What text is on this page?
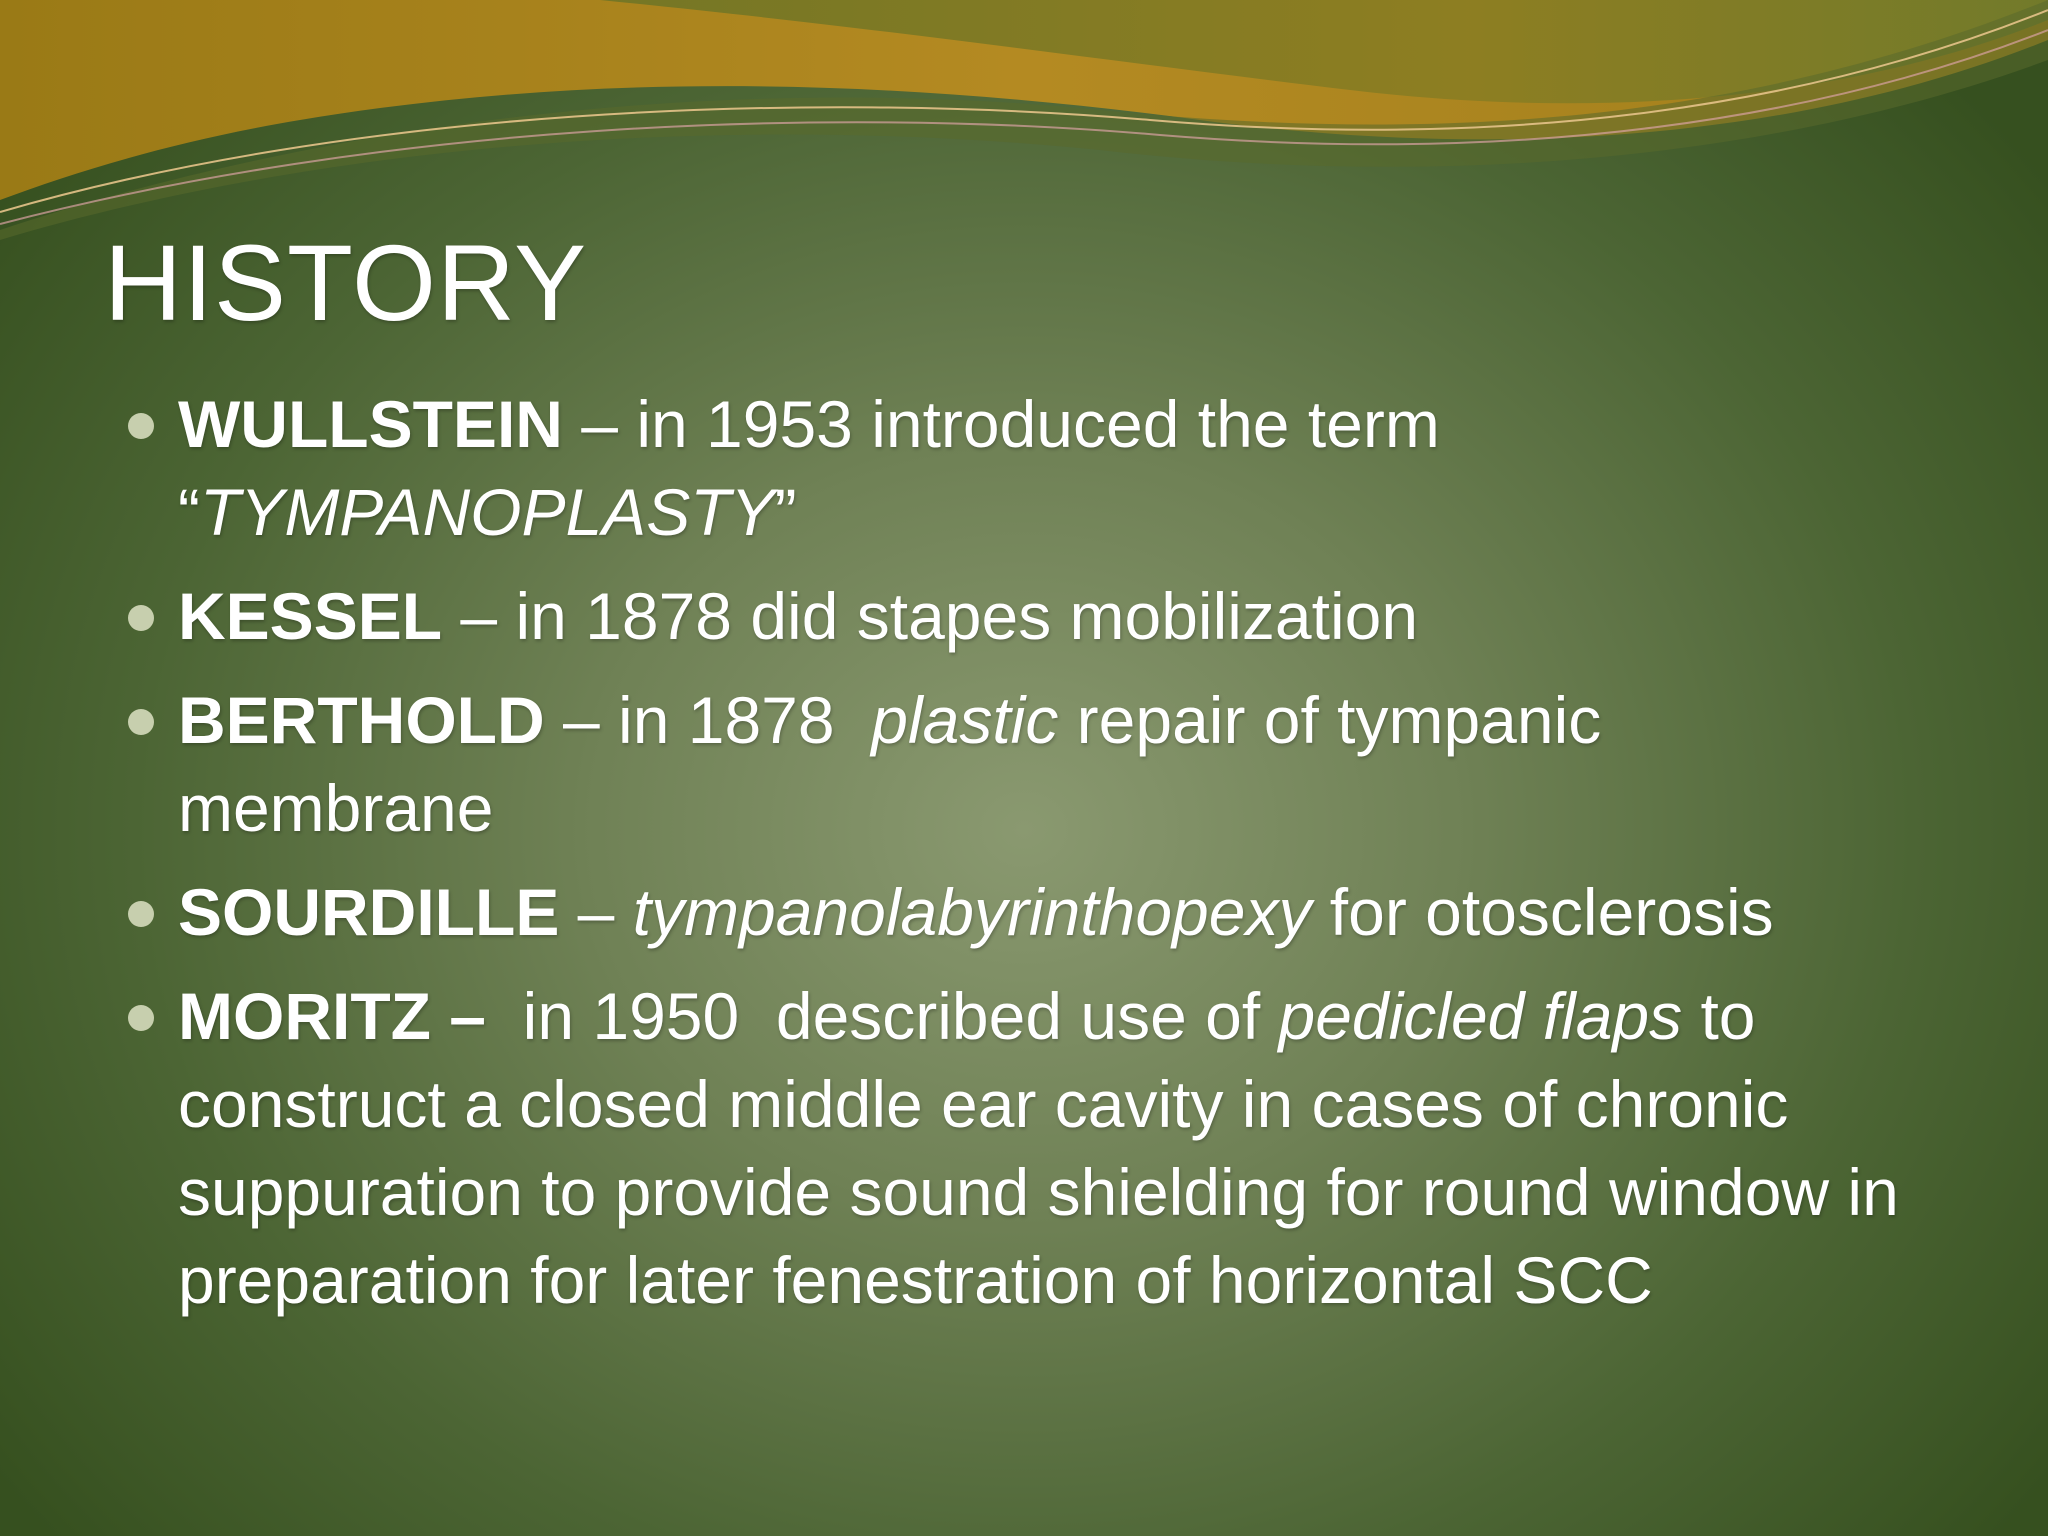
HISTORY
WULLSTEIN – in 1953 introduced the term
“TYMPANOPLASTY”
KESSEL – in 1878 did stapes mobilization
BERTHOLD – in 1878  plastic repair of tympanic membrane
SOURDILLE – tympanolabyrinthopexy for otosclerosis
MORITZ –  in 1950  described use of pedicled flaps to construct a closed middle ear cavity in cases of chronic suppuration to provide sound shielding for round window in preparation for later fenestration of horizontal SCC
